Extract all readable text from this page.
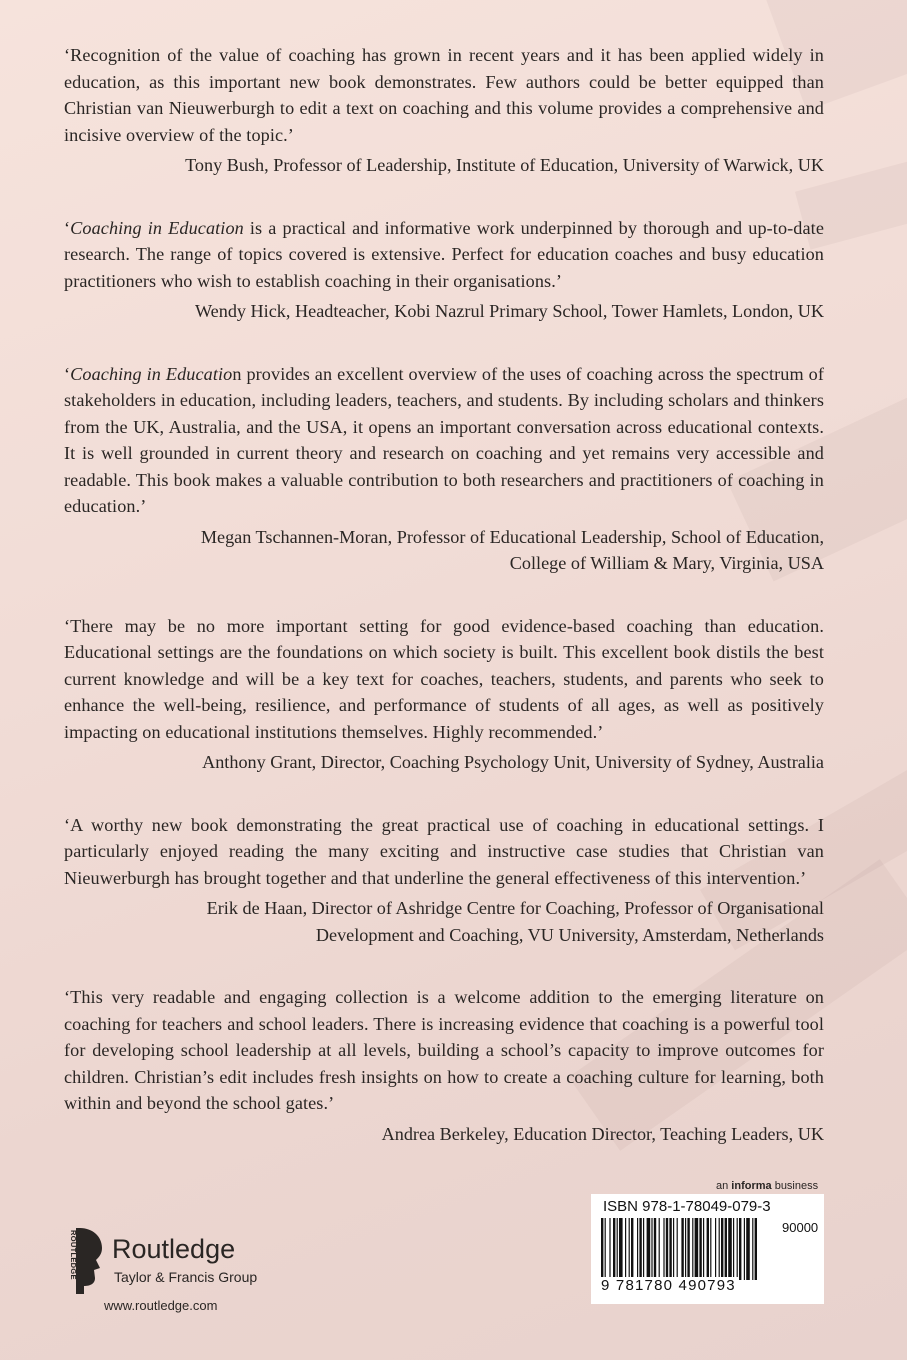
‘Recognition of the value of coaching has grown in recent years and it has been applied widely in education, as this important new book demonstrates. Few authors could be better equipped than Christian van Nieuwerburgh to edit a text on coaching and this volume provides a comprehensive and incisive overview of the topic.’

Tony Bush, Professor of Leadership, Institute of Education, University of Warwick, UK

‘Coaching in Education is a practical and informative work underpinned by thorough and up-to-date research. The range of topics covered is extensive. Perfect for education coaches and busy education practitioners who wish to establish coaching in their organisations.’

Wendy Hick, Headteacher, Kobi Nazrul Primary School, Tower Hamlets, London, UK

‘Coaching in Education provides an excellent overview of the uses of coaching across the spectrum of stakeholders in education, including leaders, teachers, and students. By including scholars and thinkers from the UK, Australia, and the USA, it opens an important conversation across educational contexts. It is well grounded in current theory and research on coaching and yet remains very accessible and readable. This book makes a valuable contribution to both researchers and practitioners of coaching in education.’

Megan Tschannen-Moran, Professor of Educational Leadership, School of Education,
College of William & Mary, Virginia, USA

‘There may be no more important setting for good evidence-based coaching than education. Educational settings are the foundations on which society is built. This excellent book distils the best current knowledge and will be a key text for coaches, teachers, students, and parents who seek to enhance the well-being, resilience, and performance of students of all ages, as well as positively impacting on educational institutions themselves. Highly recommended.’

Anthony Grant, Director, Coaching Psychology Unit, University of Sydney, Australia

‘A worthy new book demonstrating the great practical use of coaching in educational settings. I particularly enjoyed reading the many exciting and instructive case studies that Christian van Nieuwerburgh has brought together and that underline the general effectiveness of this intervention.’

Erik de Haan, Director of Ashridge Centre for Coaching, Professor of Organisational
Development and Coaching, VU University, Amsterdam, Netherlands

‘This very readable and engaging collection is a welcome addition to the emerging literature on coaching for teachers and school leaders. There is increasing evidence that coaching is a powerful tool for developing school leadership at all levels, building a school’s capacity to improve outcomes for children. Christian’s edit includes fresh insights on how to create a coaching culture for learning, both within and beyond the school gates.’

Andrea Berkeley, Education Director, Teaching Leaders, UK

an informa business
ISBN 978-1-78049-079-3
90000
9 781780 490793
ROUTLEDGE Routledge
Taylor & Francis Group
www.routledge.com
